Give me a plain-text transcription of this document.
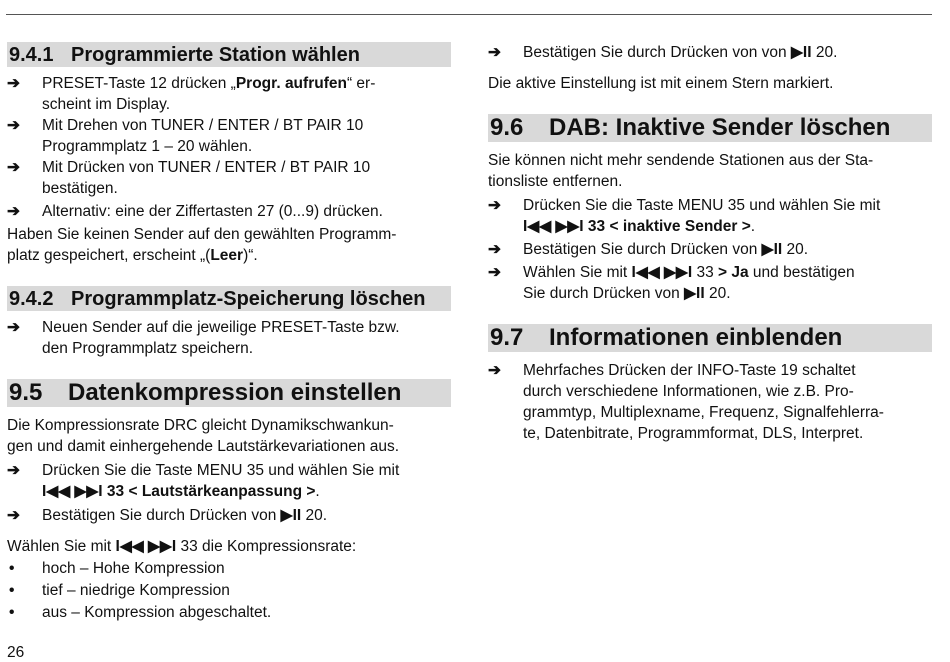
9.4.1 Programmierte Station wählen
➔	PRESET-Taste 12 drücken „Progr. aufrufen“ er-
scheint im Display.
➔	Mit Drehen von TUNER / ENTER / BT PAIR 10
Programmplatz 1 – 20 wählen.
➔	Mit Drücken von TUNER / ENTER / BT PAIR 10
bestätigen.
➔	Alternativ: eine der Ziffertasten 27 (0...9) drücken.

Haben Sie keinen Sender auf den gewählten Programm-
platz gespeichert, erscheint „(Leer)“.

9.4.2 Programmplatz-Speicherung löschen
➔	Neuen Sender auf die jeweilige PRESET-Taste bzw.
den Programmplatz speichern.
9.5 Datenkompression einstellen

Die Kompressionsrate DRC gleicht Dynamikschwankun-
gen und damit einhergehende Lautstärkevariationen aus.

➔	Drücken Sie die Taste MENU 35 und wählen Sie mit
I◀◀ ▶▶I 33 < Lautstärkeanpassung >.
➔	Bestätigen Sie durch Drücken von ▶II 20.

Wählen Sie mit I◀◀ ▶▶I 33 die Kompressionsrate:

•	hoch – Hohe Kompression
•	tief – niedrige Kompression
•	aus – Kompression abgeschaltet.
➔	Bestätigen Sie durch Drücken von von ▶II 20.

Die aktive Einstellung ist mit einem Stern markiert.

9.6 DAB: Inaktive Sender löschen

Sie können nicht mehr sendende Stationen aus der Sta-
tionsliste entfernen.

➔	Drücken Sie die Taste MENU 35 und wählen Sie mit
I◀◀ ▶▶I 33 < inaktive Sender >.
➔	Bestätigen Sie durch Drücken von ▶II 20.
➔	Wählen Sie mit I◀◀ ▶▶I 33 > Ja und bestätigen
Sie durch Drücken von ▶II 20.
9.7 Informationen einblenden
➔	Mehrfaches Drücken der INFO-Taste 19 schaltet
durch verschiedene Informationen, wie z.B. Pro-
grammtyp, Multiplexname, Frequenz, Signalfehlerra-
te, Datenbitrate, Programmformat, DLS, Interpret.
26
